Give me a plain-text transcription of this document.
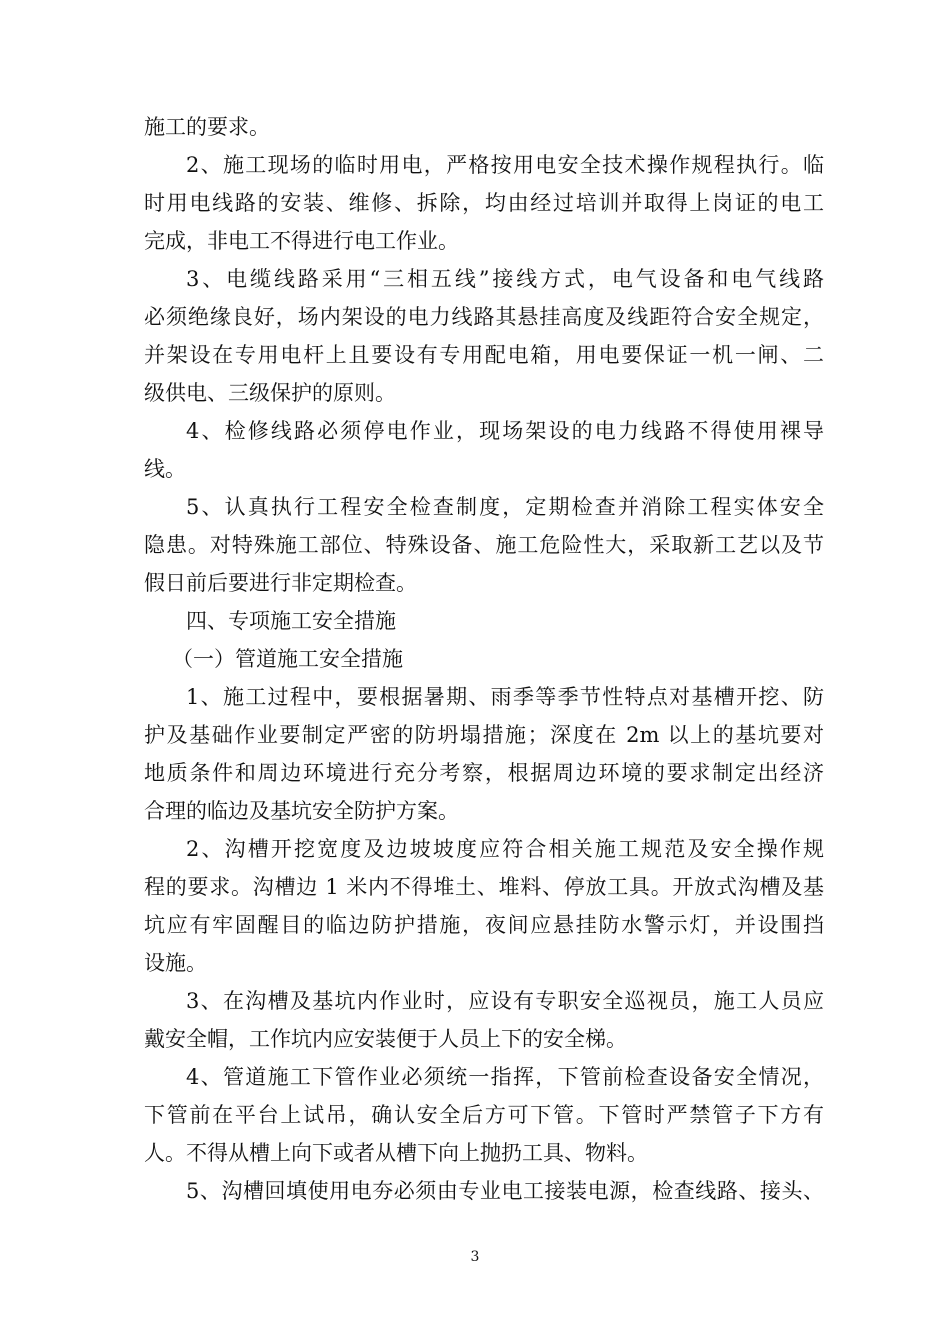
施工的要求。
2、施工现场的临时用电，严格按用电安全技术操作规程执行。临
时用电线路的安装、维修、拆除，均由经过培训并取得上岗证的电工
完成，非电工不得进行电工作业。
3、电缆线路采用“三相五线”接线方式，电气设备和电气线路
必须绝缘良好，场内架设的电力线路其悬挂高度及线距符合安全规定，
并架设在专用电杆上且要设有专用配电箱，用电要保证一机一闸、二
级供电、三级保护的原则。
4、检修线路必须停电作业，现场架设的电力线路不得使用裸导
线。
5、认真执行工程安全检查制度，定期检查并消除工程实体安全
隐患。对特殊施工部位、特殊设备、施工危险性大，采取新工艺以及节
假日前后要进行非定期检查。
四、专项施工安全措施
（一）管道施工安全措施
1、施工过程中，要根据暑期、雨季等季节性特点对基槽开挖、防
护及基础作业要制定严密的防坍塌措施；深度在 2m 以上的基坑要对
地质条件和周边环境进行充分考察，根据周边环境的要求制定出经济
合理的临边及基坑安全防护方案。
2、沟槽开挖宽度及边坡坡度应符合相关施工规范及安全操作规
程的要求。沟槽边 1 米内不得堆土、堆料、停放工具。开放式沟槽及基
坑应有牢固醒目的临边防护措施，夜间应悬挂防水警示灯，并设围挡
设施。
3、在沟槽及基坑内作业时，应设有专职安全巡视员，施工人员应
戴安全帽，工作坑内应安装便于人员上下的安全梯。
4、管道施工下管作业必须统一指挥，下管前检查设备安全情况，
下管前在平台上试吊，确认安全后方可下管。下管时严禁管子下方有
人。不得从槽上向下或者从槽下向上抛扔工具、物料。
5、沟槽回填使用电夯必须由专业电工接装电源，检查线路、接头、
3
